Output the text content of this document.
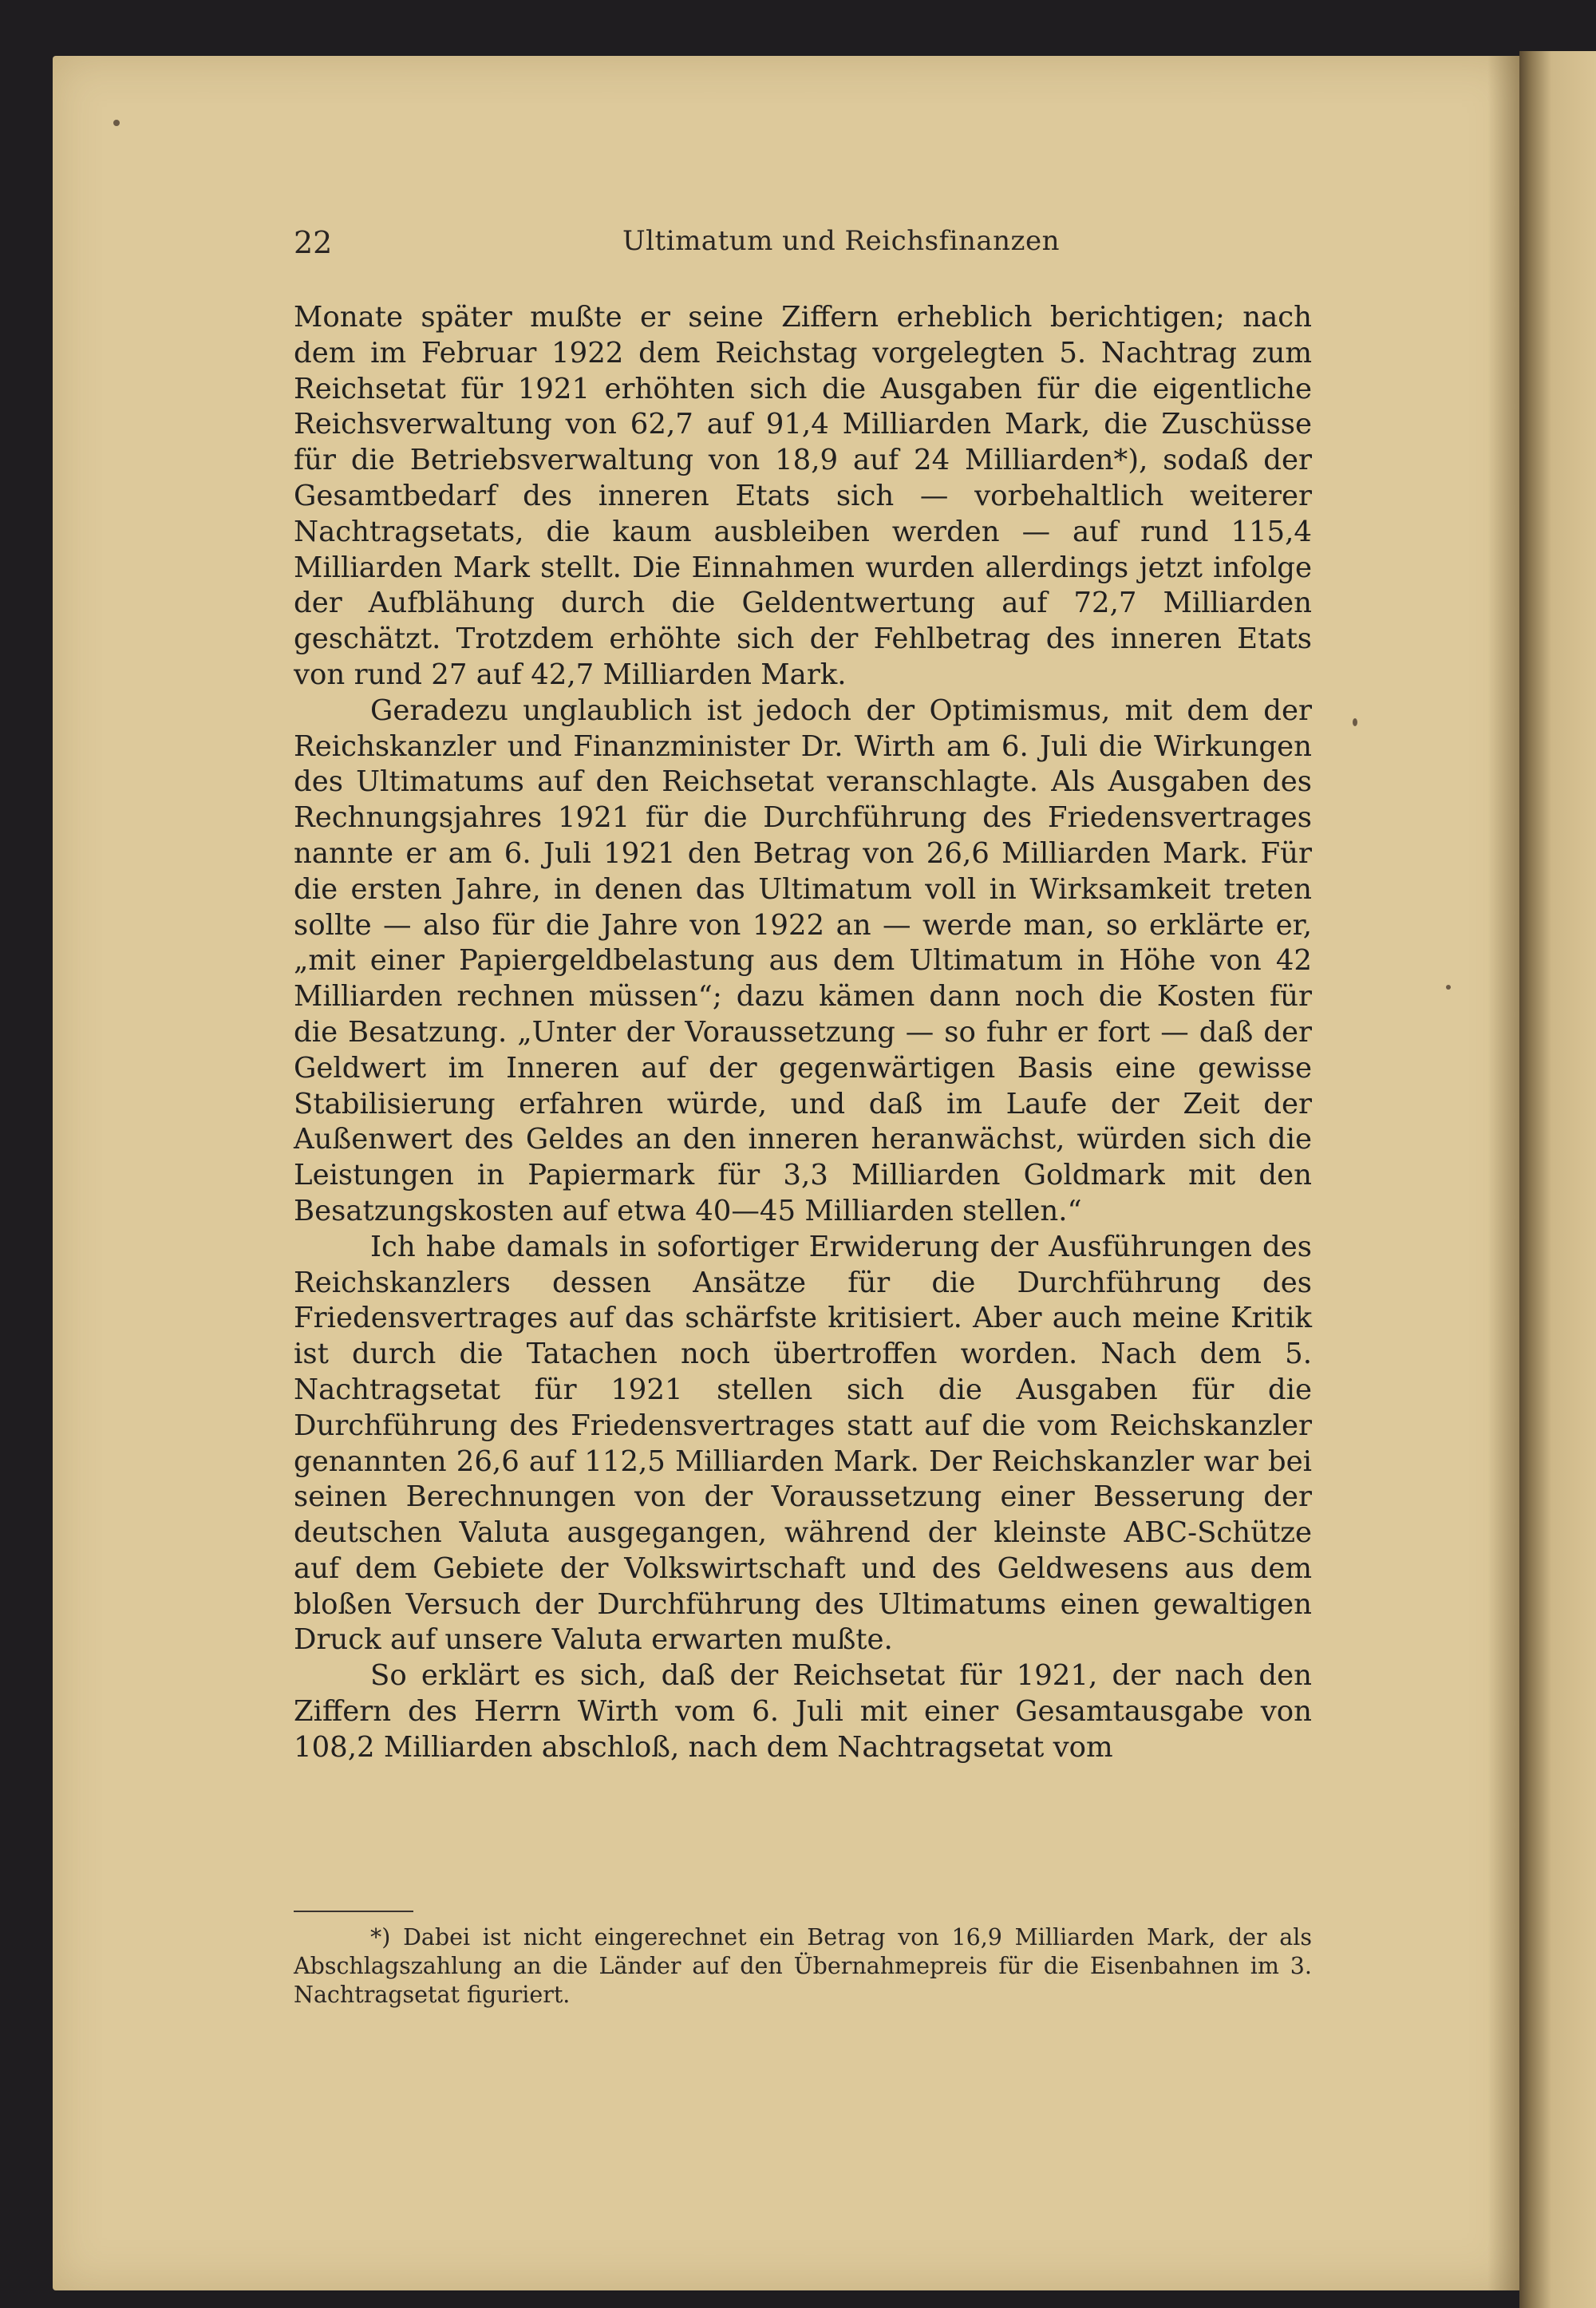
22	Ultimatum und Reichsfinanzen

Monate später mußte er seine Ziffern erheblich berichtigen; nach dem im Februar 1922 dem Reichstag vorgelegten 5. Nachtrag zum Reichsetat für 1921 erhöhten sich die Ausgaben für die eigentliche Reichsverwaltung von 62,7 auf 91,4 Milliarden Mark, die Zuschüsse für die Betriebsverwaltung von 18,9 auf 24 Milliarden*), sodaß der Gesamtbedarf des inneren Etats sich — vorbehaltlich weiterer Nachtragsetats, die kaum ausbleiben werden — auf rund 115,4 Milliarden Mark stellt. Die Einnahmen wurden allerdings jetzt infolge der Aufblähung durch die Geldentwertung auf 72,7 Milliarden geschätzt. Trotzdem erhöhte sich der Fehlbetrag des inneren Etats von rund 27 auf 42,7 Milliarden Mark.

Geradezu unglaublich ist jedoch der Optimismus, mit dem der Reichskanzler und Finanzminister Dr. Wirth am 6. Juli die Wirkungen des Ultimatums auf den Reichsetat veranschlagte. Als Ausgaben des Rechnungsjahres 1921 für die Durchführung des Friedensvertrages nannte er am 6. Juli 1921 den Betrag von 26,6 Milliarden Mark. Für die ersten Jahre, in denen das Ultimatum voll in Wirksamkeit treten sollte — also für die Jahre von 1922 an — werde man, so erklärte er, „mit einer Papiergeldbelastung aus dem Ultimatum in Höhe von 42 Milliarden rechnen müssen“; dazu kämen dann noch die Kosten für die Besatzung. „Unter der Voraussetzung — so fuhr er fort — daß der Geldwert im Inneren auf der gegenwärtigen Basis eine gewisse Stabilisierung erfahren würde, und daß im Laufe der Zeit der Außenwert des Geldes an den inneren heranwächst, würden sich die Leistungen in Papiermark für 3,3 Milliarden Goldmark mit den Besatzungskosten auf etwa 40—45 Milliarden stellen.“

Ich habe damals in sofortiger Erwiderung der Ausführungen des Reichskanzlers dessen Ansätze für die Durchführung des Friedensvertrages auf das schärfste kritisiert. Aber auch meine Kritik ist durch die Tatachen noch übertroffen worden. Nach dem 5. Nachtragsetat für 1921 stellen sich die Ausgaben für die Durchführung des Friedensvertrages statt auf die vom Reichskanzler genannten 26,6 auf 112,5 Milliarden Mark. Der Reichskanzler war bei seinen Berechnungen von der Voraussetzung einer Besserung der deutschen Valuta ausgegangen, während der kleinste ABC-Schütze auf dem Gebiete der Volkswirtschaft und des Geldwesens aus dem bloßen Versuch der Durchführung des Ultimatums einen gewaltigen Druck auf unsere Valuta erwarten mußte.

So erklärt es sich, daß der Reichsetat für 1921, der nach den Ziffern des Herrn Wirth vom 6. Juli mit einer Gesamtausgabe von 108,2 Milliarden abschloß, nach dem Nachtragsetat vom

*) Dabei ist nicht eingerechnet ein Betrag von 16,9 Milliarden Mark, der als Abschlagszahlung an die Länder auf den Übernahmepreis für die Eisenbahnen im 3. Nachtragsetat figuriert.
